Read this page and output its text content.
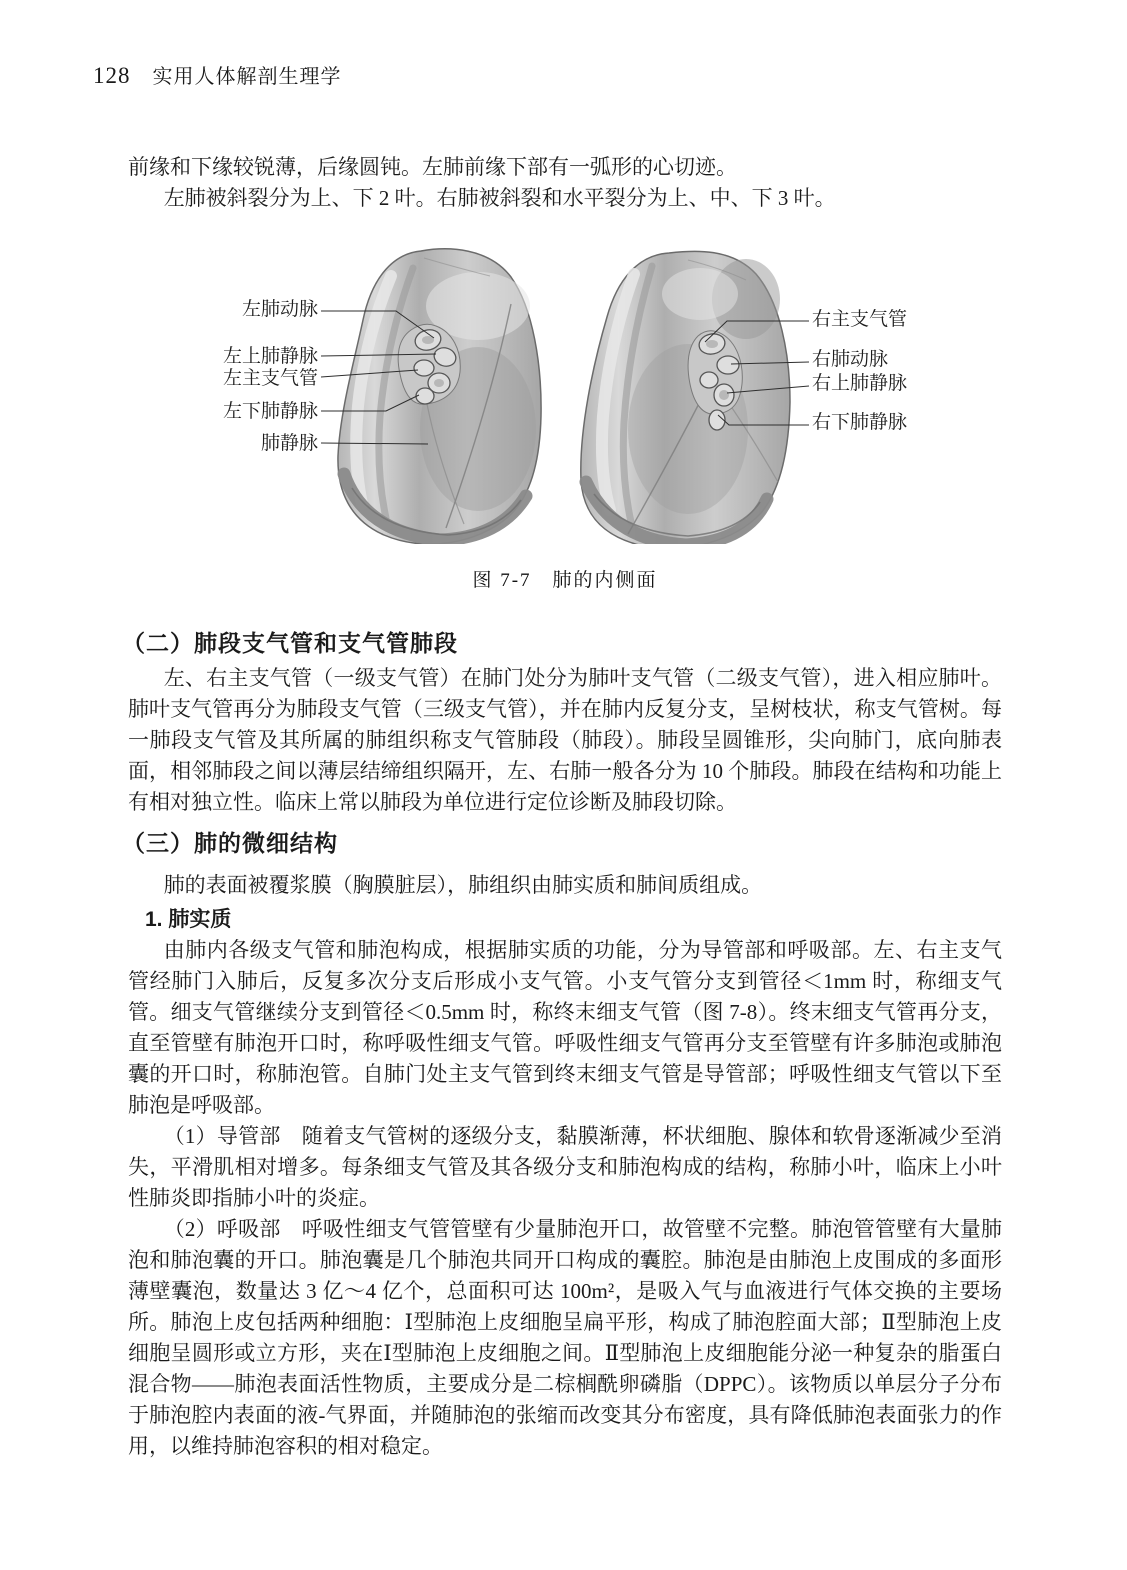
128 实用人体解剖生理学

前缘和下缘较锐薄，后缘圆钝。左肺前缘下部有一弧形的心切迹。

左肺被斜裂分为上、下 2 叶。右肺被斜裂和水平裂分为上、中、下 3 叶。

左肺动脉
左上肺静脉
左主支气管
左下肺静脉
肺静脉
右主支气管
右肺动脉
右上肺静脉
右下肺静脉
图 7-7　肺的内侧面
（二）肺段支气管和支气管肺段

左、右主支气管（一级支气管）在肺门处分为肺叶支气管（二级支气管），进入相应肺叶。肺叶支气管再分为肺段支气管（三级支气管），并在肺内反复分支，呈树枝状，称支气管树。每一肺段支气管及其所属的肺组织称支气管肺段（肺段）。肺段呈圆锥形，尖向肺门，底向肺表面，相邻肺段之间以薄层结缔组织隔开，左、右肺一般各分为 10 个肺段。肺段在结构和功能上有相对独立性。临床上常以肺段为单位进行定位诊断及肺段切除。

（三）肺的微细结构

肺的表面被覆浆膜（胸膜脏层），肺组织由肺实质和肺间质组成。

1. 肺实质

由肺内各级支气管和肺泡构成，根据肺实质的功能，分为导管部和呼吸部。左、右主支气管经肺门入肺后，反复多次分支后形成小支气管。小支气管分支到管径＜1mm 时，称细支气管。细支气管继续分支到管径＜0.5mm 时，称终末细支气管（图 7-8）。终末细支气管再分支，直至管壁有肺泡开口时，称呼吸性细支气管。呼吸性细支气管再分支至管壁有许多肺泡或肺泡囊的开口时，称肺泡管。自肺门处主支气管到终末细支气管是导管部；呼吸性细支气管以下至肺泡是呼吸部。

（1）导管部　随着支气管树的逐级分支，黏膜渐薄，杯状细胞、腺体和软骨逐渐减少至消失，平滑肌相对增多。每条细支气管及其各级分支和肺泡构成的结构，称肺小叶，临床上小叶性肺炎即指肺小叶的炎症。

（2）呼吸部　呼吸性细支气管管壁有少量肺泡开口，故管壁不完整。肺泡管管壁有大量肺泡和肺泡囊的开口。肺泡囊是几个肺泡共同开口构成的囊腔。肺泡是由肺泡上皮围成的多面形薄壁囊泡，数量达 3 亿～4 亿个，总面积可达 100m²，是吸入气与血液进行气体交换的主要场所。肺泡上皮包括两种细胞：Ⅰ型肺泡上皮细胞呈扁平形，构成了肺泡腔面大部；Ⅱ型肺泡上皮细胞呈圆形或立方形，夹在Ⅰ型肺泡上皮细胞之间。Ⅱ型肺泡上皮细胞能分泌一种复杂的脂蛋白混合物——肺泡表面活性物质，主要成分是二棕榈酰卵磷脂（DPPC）。该物质以单层分子分布于肺泡腔内表面的液-气界面，并随肺泡的张缩而改变其分布密度，具有降低肺泡表面张力的作用，以维持肺泡容积的相对稳定。
